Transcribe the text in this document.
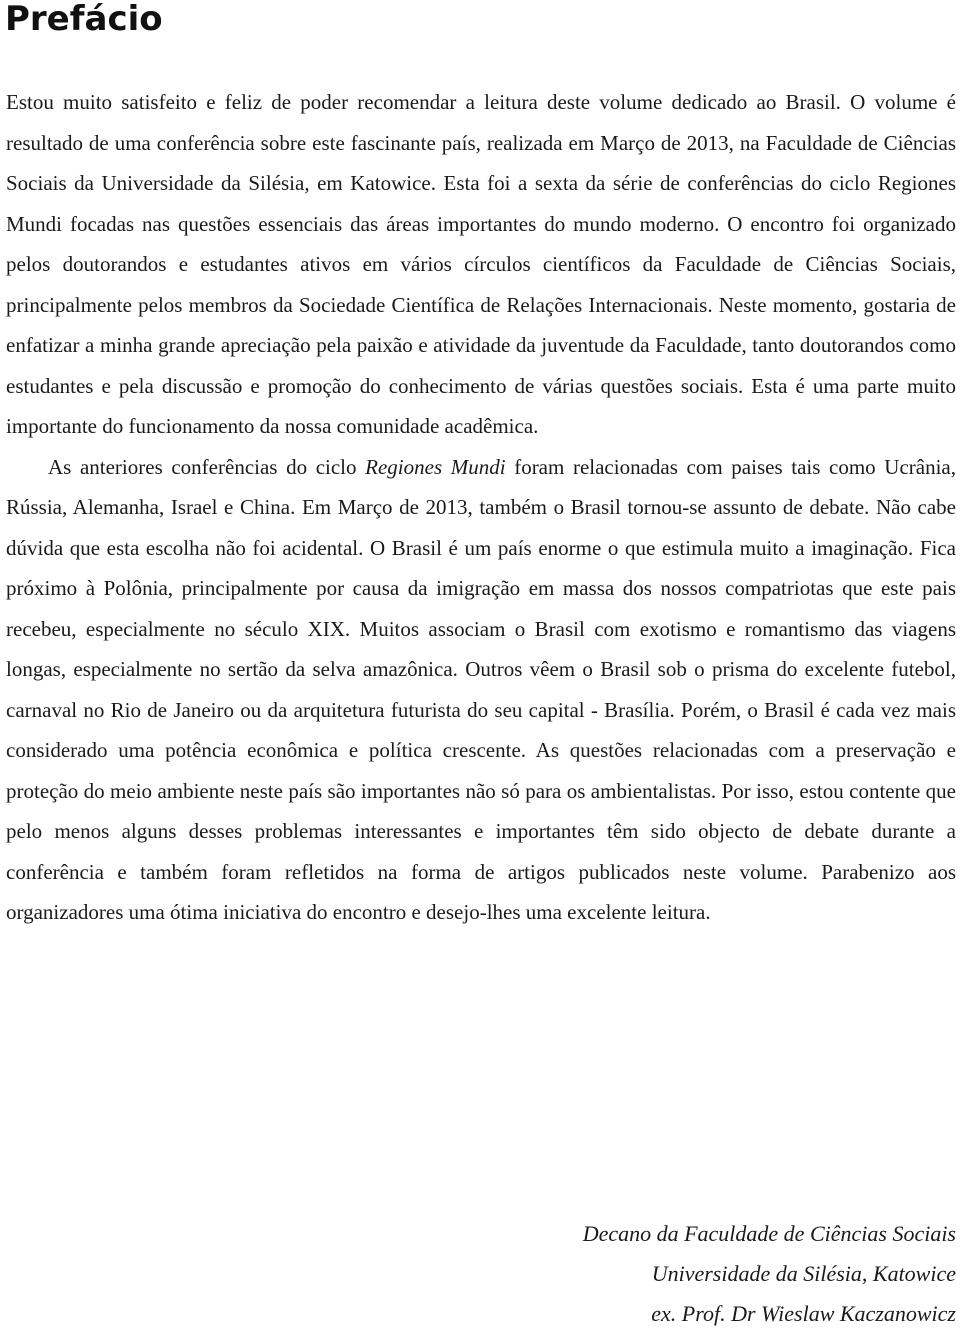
Prefácio

Estou muito satisfeito e feliz de poder recomendar a leitura deste volume dedicado ao Brasil. O volume é resultado de uma conferência sobre este fascinante país, realizada em Março de 2013, na Faculdade de Ciências Sociais da Universidade da Silésia, em Katowice. Esta foi a sexta da série de conferências do ciclo Regiones Mundi focadas nas questões essenciais das áreas importantes do mundo moderno. O encontro foi organizado pelos doutorandos e estudantes ativos em vários círculos científicos da Faculdade de Ciências Sociais, principalmente pelos membros da Sociedade Científica de Relações Internacionais. Neste momento, gostaria de enfatizar a minha grande apreciação pela paixão e atividade da juventude da Faculdade, tanto doutorandos como estudantes e pela discussão e promoção do conhecimento de várias questões sociais. Esta é uma parte muito importante do funcionamento da nossa comunidade acadêmica.

As anteriores conferências do ciclo Regiones Mundi foram relacionadas com paises tais como Ucrânia, Rússia, Alemanha, Israel e China. Em Março de 2013, também o Brasil tornou-se assunto de debate. Não cabe dúvida que esta escolha não foi acidental. O Brasil é um país enorme o que estimula muito a imaginação. Fica próximo à Polônia, principalmente por causa da imigração em massa dos nossos compatriotas que este pais recebeu, especialmente no século XIX. Muitos associam o Brasil com exotismo e romantismo das viagens longas, especialmente no sertão da selva amazônica. Outros vêem o Brasil sob o prisma do excelente futebol, carnaval no Rio de Janeiro ou da arquitetura futurista do seu capital - Brasília. Porém, o Brasil é cada vez mais considerado uma potência econômica e política crescente. As questões relacionadas com a preservação e proteção do meio ambiente neste país são importantes não só para os ambientalistas. Por isso, estou contente que pelo menos alguns desses problemas interessantes e importantes têm sido objecto de debate durante a conferência e também foram refletidos na forma de artigos publicados neste volume. Parabenizo aos organizadores uma ótima iniciativa do encontro e desejo-lhes uma excelente leitura.

Decano da Faculdade de Ciências Sociais
Universidade da Silésia, Katowice
ex. Prof. Dr Wieslaw Kaczanowicz
